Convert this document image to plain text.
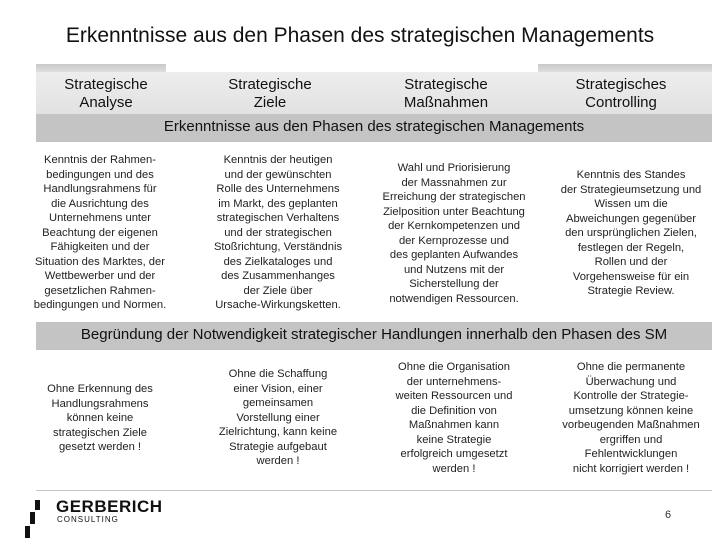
Erkenntnisse aus den Phasen des strategischen Managements
Strategische
Analyse
Strategische
Ziele
Strategische
Maßnahmen
Strategisches
Controlling
Erkenntnisse aus den Phasen des strategischen Managements
Kenntnis der Rahmen-
bedingungen und des
Handlungsrahmens für
die Ausrichtung des
Unternehmens unter
Beachtung der eigenen
Fähigkeiten und der
Situation des Marktes, der
Wettbewerber und der
gesetzlichen Rahmen-
bedingungen und Normen.
Kenntnis der heutigen
und der gewünschten
Rolle des Unternehmens
im Markt, des geplanten
strategischen Verhaltens
und der strategischen
Stoßrichtung, Verständnis
des Zielkataloges und
des Zusammenhanges
der Ziele über
Ursache-Wirkungsketten.
Wahl und Priorisierung
der Massnahmen zur
Erreichung der strategischen
Zielposition unter Beachtung
der Kernkompetenzen und
der Kernprozesse und
des geplanten Aufwandes
und Nutzens mit der
Sicherstellung der
notwendigen Ressourcen.
Kenntnis des Standes
der Strategieumsetzung und
Wissen um die
Abweichungen gegenüber
den ursprünglichen Zielen,
festlegen der Regeln,
Rollen und der
Vorgehensweise für ein
Strategie Review.
Begründung der Notwendigkeit strategischer Handlungen innerhalb den Phasen des SM
Ohne Erkennung des
Handlungsrahmens
können keine
strategischen Ziele
gesetzt werden !
Ohne die Schaffung
einer Vision, einer
gemeinsamen
Vorstellung einer
Zielrichtung, kann keine
Strategie aufgebaut
werden !
Ohne die Organisation
der unternehmens-
weiten Ressourcen und
die Definition von
Maßnahmen kann
keine Strategie
erfolgreich umgesetzt
werden !
Ohne die permanente
Überwachung und
Kontrolle der Strategie-
umsetzung können keine
vorbeugenden Maßnahmen
ergriffen und
Fehlentwicklungen
nicht korrigiert werden !
GERBERICH
CONSULTING	6
